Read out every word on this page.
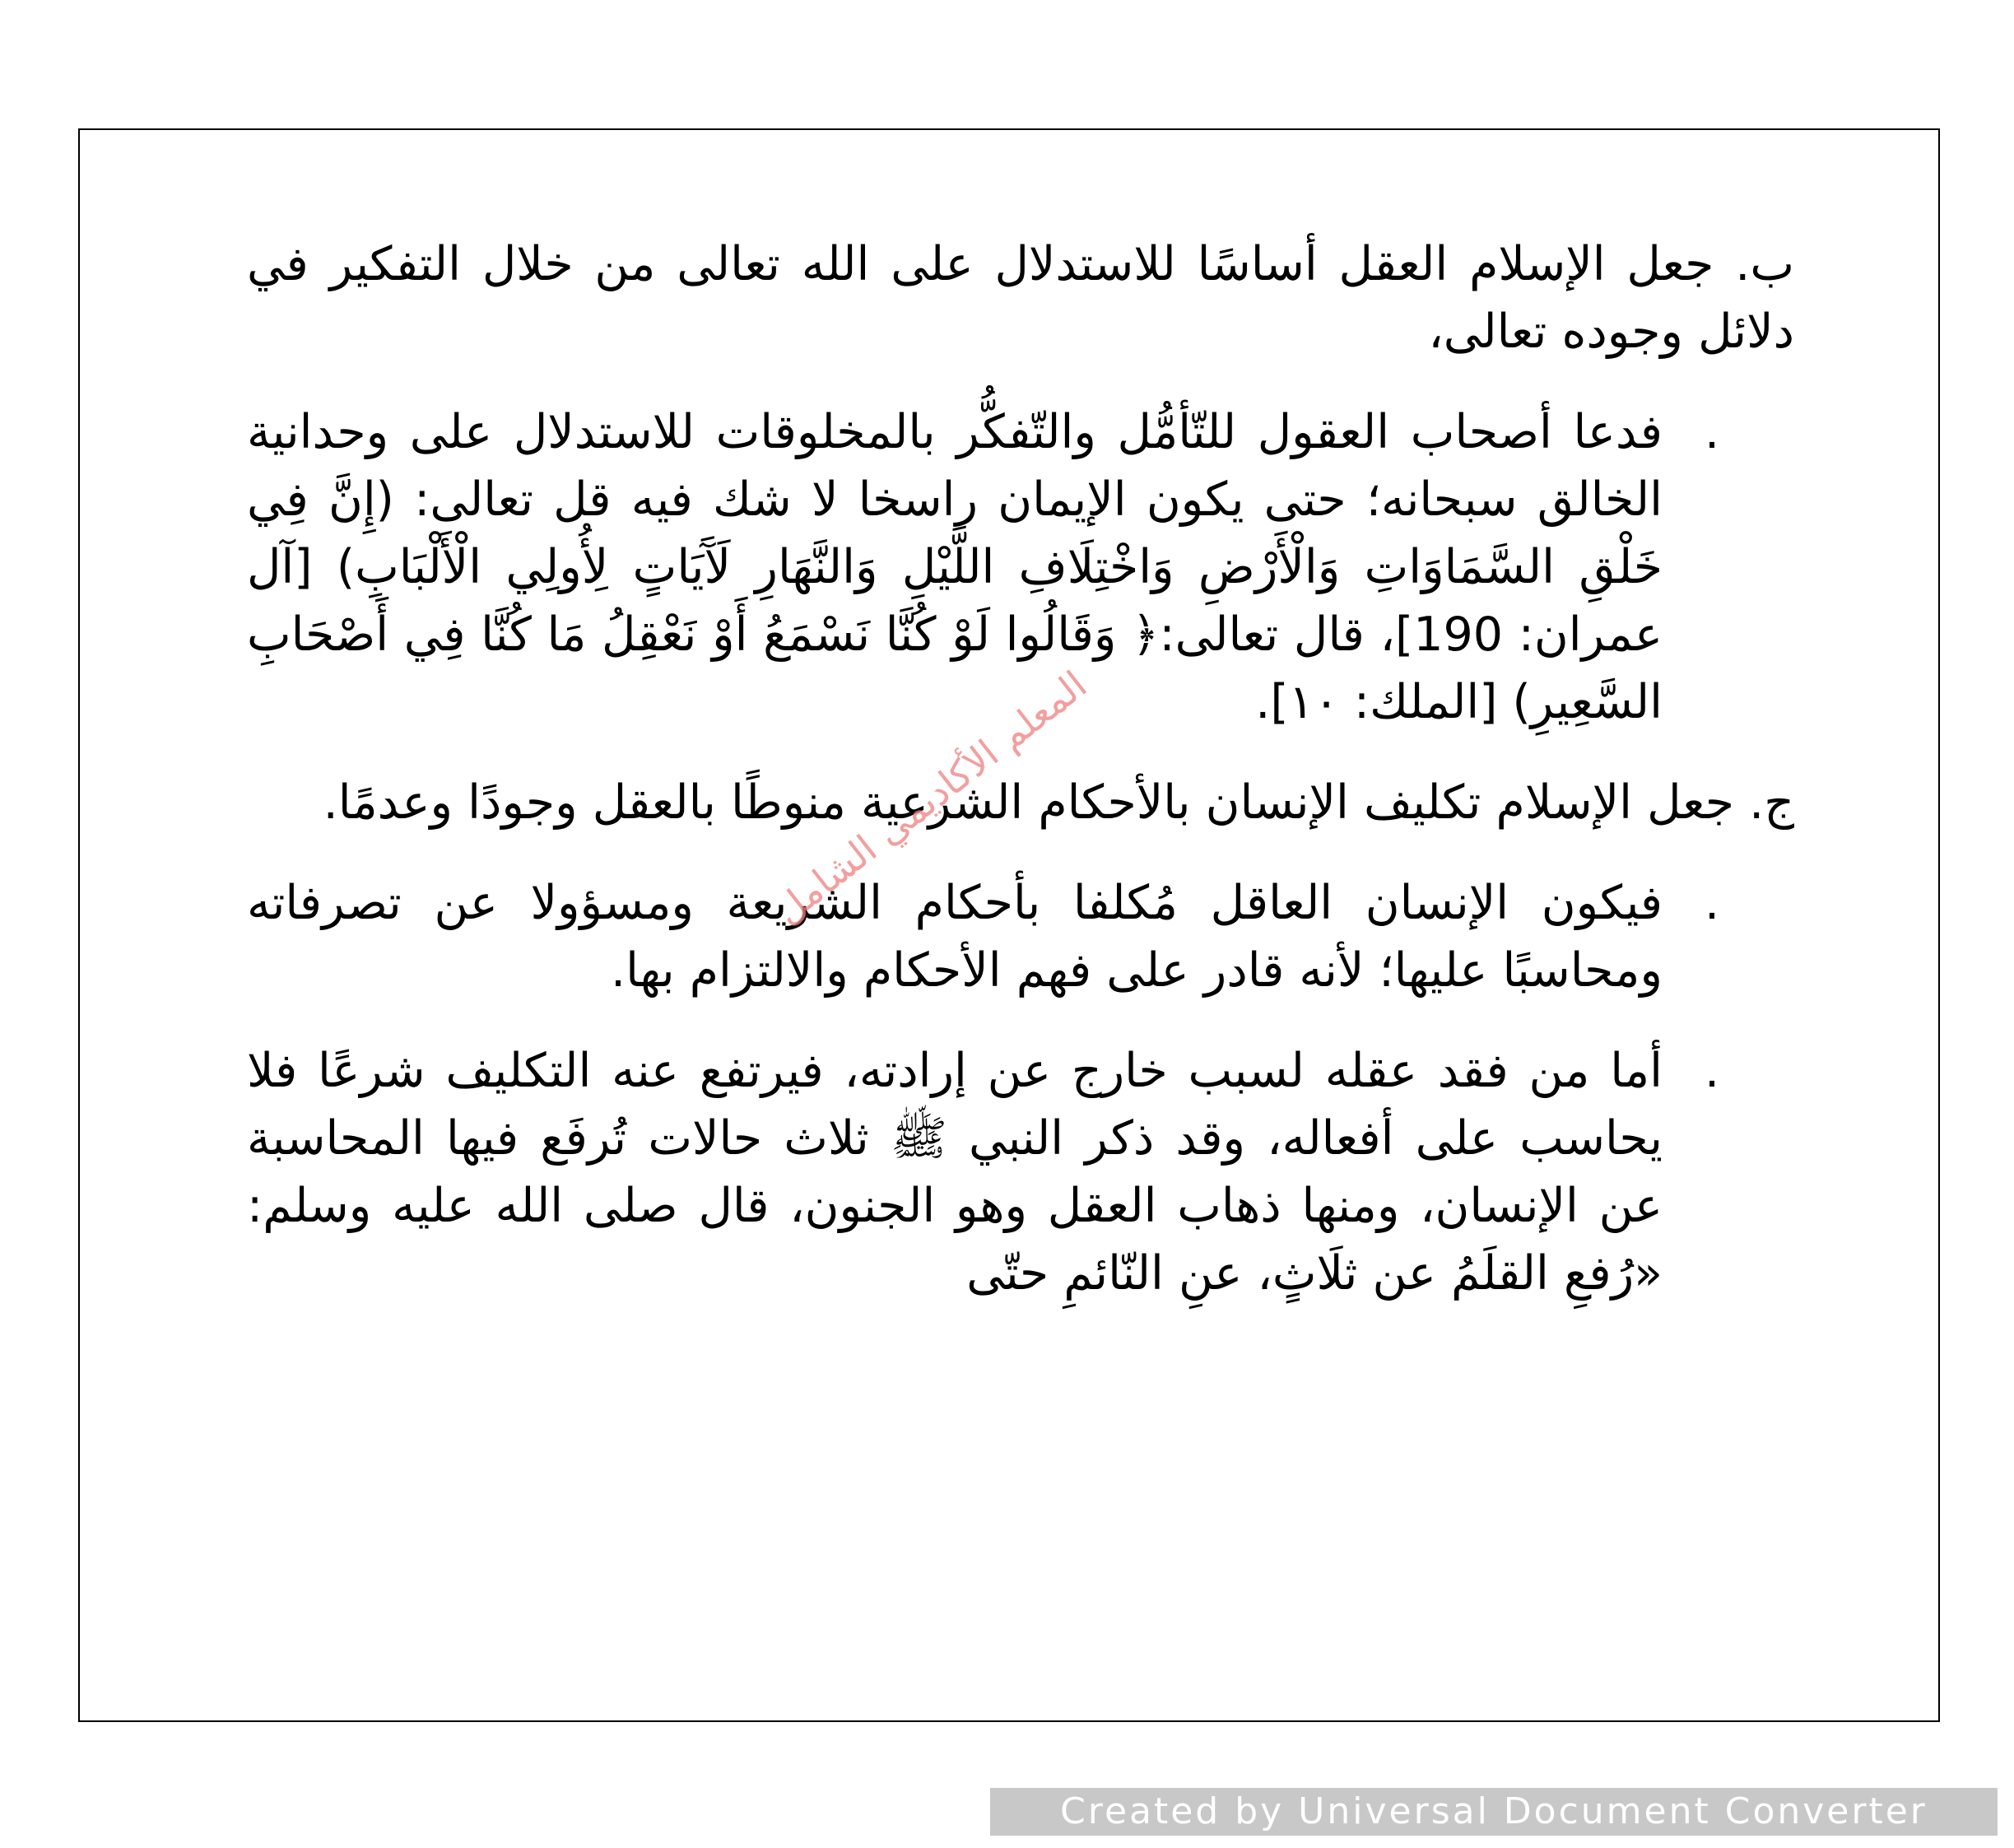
ب. جعل الإسلام العقل أساسًا للاستدلال على الله تعالى من خلال التفكير في دلائل وجوده تعالى،

.
فدعا أصحاب العقول للتّأمُّل والتّفكُّر بالمخلوقات للاستدلال على وحدانية الخالق سبحانه؛ حتى يكون الإيمان راسخا لا شك فيه قل تعالى: (إِنَّ فِي خَلْقِ السَّمَاوَاتِ وَالْأَرْضِ وَاخْتِلَافِ اللَّيْلِ وَالنَّهَارِ لَآَيَاتٍ لِأُولِي الْأَلْبَابِ) [آل عمران: 190]، قال تعالى:﴿ وَقَالُوا لَوْ كُنَّا نَسْمَعُ أَوْ نَعْقِلُ مَا كُنَّا فِي أَصْحَابِ السَّعِيرِ) [الملك: ١٠].

ج. جعل الإسلام تكليف الإنسان بالأحكام الشرعية منوطًا بالعقل وجودًا وعدمًا.

.
فيكون الإنسان العاقل مُكلفا بأحكام الشريعة ومسؤولا عن تصرفاته ومحاسبًا عليها؛ لأنه قادر على فهم الأحكام والالتزام بها.

.
أما من فقد عقله لسبب خارج عن إرادته، فيرتفع عنه التكليف شرعًا فلا يحاسب على أفعاله، وقد ذكر النبي ﷺ ثلاث حالات تُرفَع فيها المحاسبة عن الإنسان، ومنها ذهاب العقل وهو الجنون، قال صلى الله عليه وسلم: «رُفعِ القلَمُ عن ثلَاثٍ، عنِ النّائمِ حتّى

المعلم الأكاديمي الشامل
Created by Universal Document Converter
